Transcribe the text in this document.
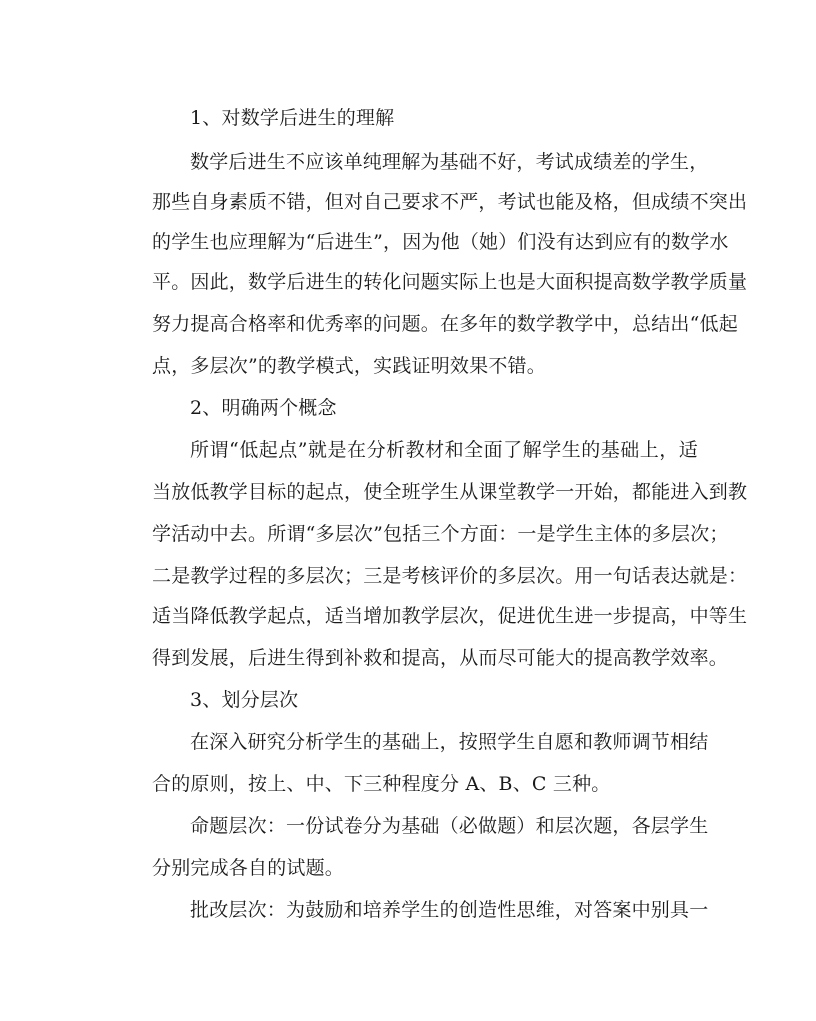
1、对数学后进生的理解
数学后进生不应该单纯理解为基础不好，考试成绩差的学生，
那些自身素质不错，但对自己要求不严，考试也能及格，但成绩不突出
的学生也应理解为“后进生”，因为他（她）们没有达到应有的数学水
平。因此，数学后进生的转化问题实际上也是大面积提高数学教学质量
努力提高合格率和优秀率的问题。在多年的数学教学中，总结出“低起
点，多层次”的教学模式，实践证明效果不错。
2、明确两个概念
所谓“低起点”就是在分析教材和全面了解学生的基础上，适
当放低教学目标的起点，使全班学生从课堂教学一开始，都能进入到教
学活动中去。所谓“多层次”包括三个方面：一是学生主体的多层次；
二是教学过程的多层次；三是考核评价的多层次。用一句话表达就是：
适当降低教学起点，适当增加教学层次，促进优生进一步提高，中等生
得到发展，后进生得到补救和提高，从而尽可能大的提高教学效率。
3、划分层次
在深入研究分析学生的基础上，按照学生自愿和教师调节相结
合的原则，按上、中、下三种程度分 A、B、C 三种。
命题层次：一份试卷分为基础（必做题）和层次题，各层学生
分别完成各自的试题。
批改层次：为鼓励和培养学生的创造性思维，对答案中别具一
